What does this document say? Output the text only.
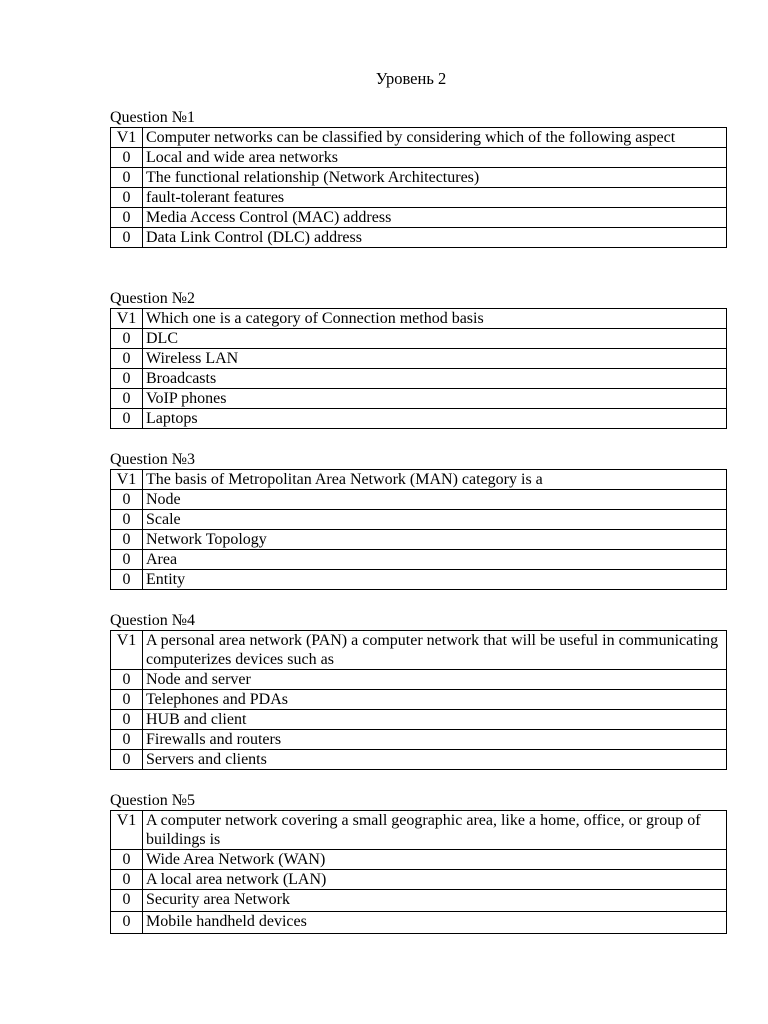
Уровень 2
Question №1
V1	Computer networks can be classified by considering which of the following aspect
0	Local and wide area networks
0	The functional relationship (Network Architectures)
0	fault-tolerant features
0	Media Access Control (MAC) address
0	Data Link Control (DLC) address
Question №2
V1	Which one is a category of Connection method basis
0	DLC
0	Wireless LAN
0	Broadcasts
0	VoIP phones
0	Laptops
Question №3
V1	The basis of Metropolitan Area Network (MAN) category is a
0	Node
0	Scale
0	Network Topology
0	Area
0	Entity
Question №4
V1	A personal area network (PAN) a computer network that will be useful in communicating computerizes devices such as
0	Node and server
0	Telephones and PDAs
0	HUB and client
0	Firewalls and routers
0	Servers and clients
Question №5
V1	A computer network covering a small geographic area, like a home, office, or group of buildings is
0	Wide Area Network (WAN)
0	A local area network (LAN)
0	Security area Network
0	Mobile handheld devices
